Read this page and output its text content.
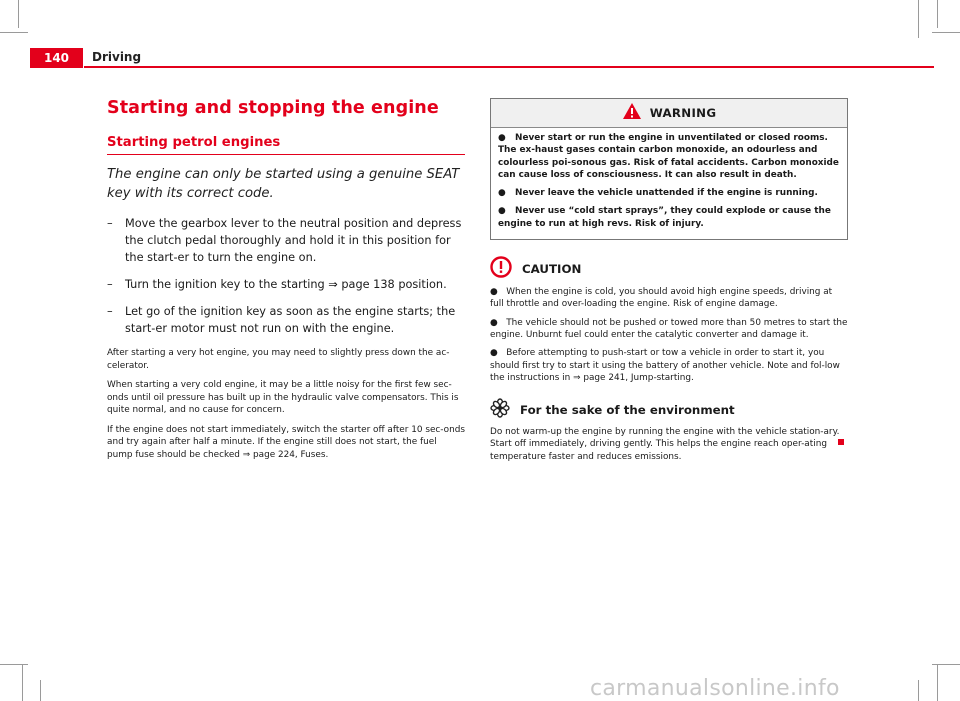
140	Driving
Starting and stopping the engine
Starting petrol engines

The engine can only be started using a genuine SEAT key with its correct code.

– Move the gearbox lever to the neutral position and depress the clutch pedal thoroughly and hold it in this position for the start-er to turn the engine on.
– Turn the ignition key to the starting ⇒ page 138 position.
– Let go of the ignition key as soon as the engine starts; the start-er motor must not run on with the engine.

After starting a very hot engine, you may need to slightly press down the ac-celerator.

When starting a very cold engine, it may be a little noisy for the first few sec-onds until oil pressure has built up in the hydraulic valve compensators. This is quite normal, and no cause for concern.

If the engine does not start immediately, switch the starter off after 10 sec-onds and try again after half a minute. If the engine still does not start, the fuel pump fuse should be checked ⇒ page 224, Fuses.

WARNING

●   Never start or run the engine in unventilated or closed rooms. The ex-haust gases contain carbon monoxide, an odourless and colourless poi-sonous gas. Risk of fatal accidents. Carbon monoxide can cause loss of consciousness. It can also result in death.

●   Never leave the vehicle unattended if the engine is running.

●   Never use “cold start sprays”, they could explode or cause the engine to run at high revs. Risk of injury.

CAUTION

●   When the engine is cold, you should avoid high engine speeds, driving at full throttle and over-loading the engine. Risk of engine damage.

●   The vehicle should not be pushed or towed more than 50 metres to start the engine. Unburnt fuel could enter the catalytic converter and damage it.

●   Before attempting to push-start or tow a vehicle in order to start it, you should first try to start it using the battery of another vehicle. Note and fol-low the instructions in ⇒ page 241, Jump-starting.

For the sake of the environment

Do not warm-up the engine by running the engine with the vehicle station-ary. Start off immediately, driving gently. This helps the engine reach oper-ating temperature faster and reduces emissions.

carmanualsonline.info
